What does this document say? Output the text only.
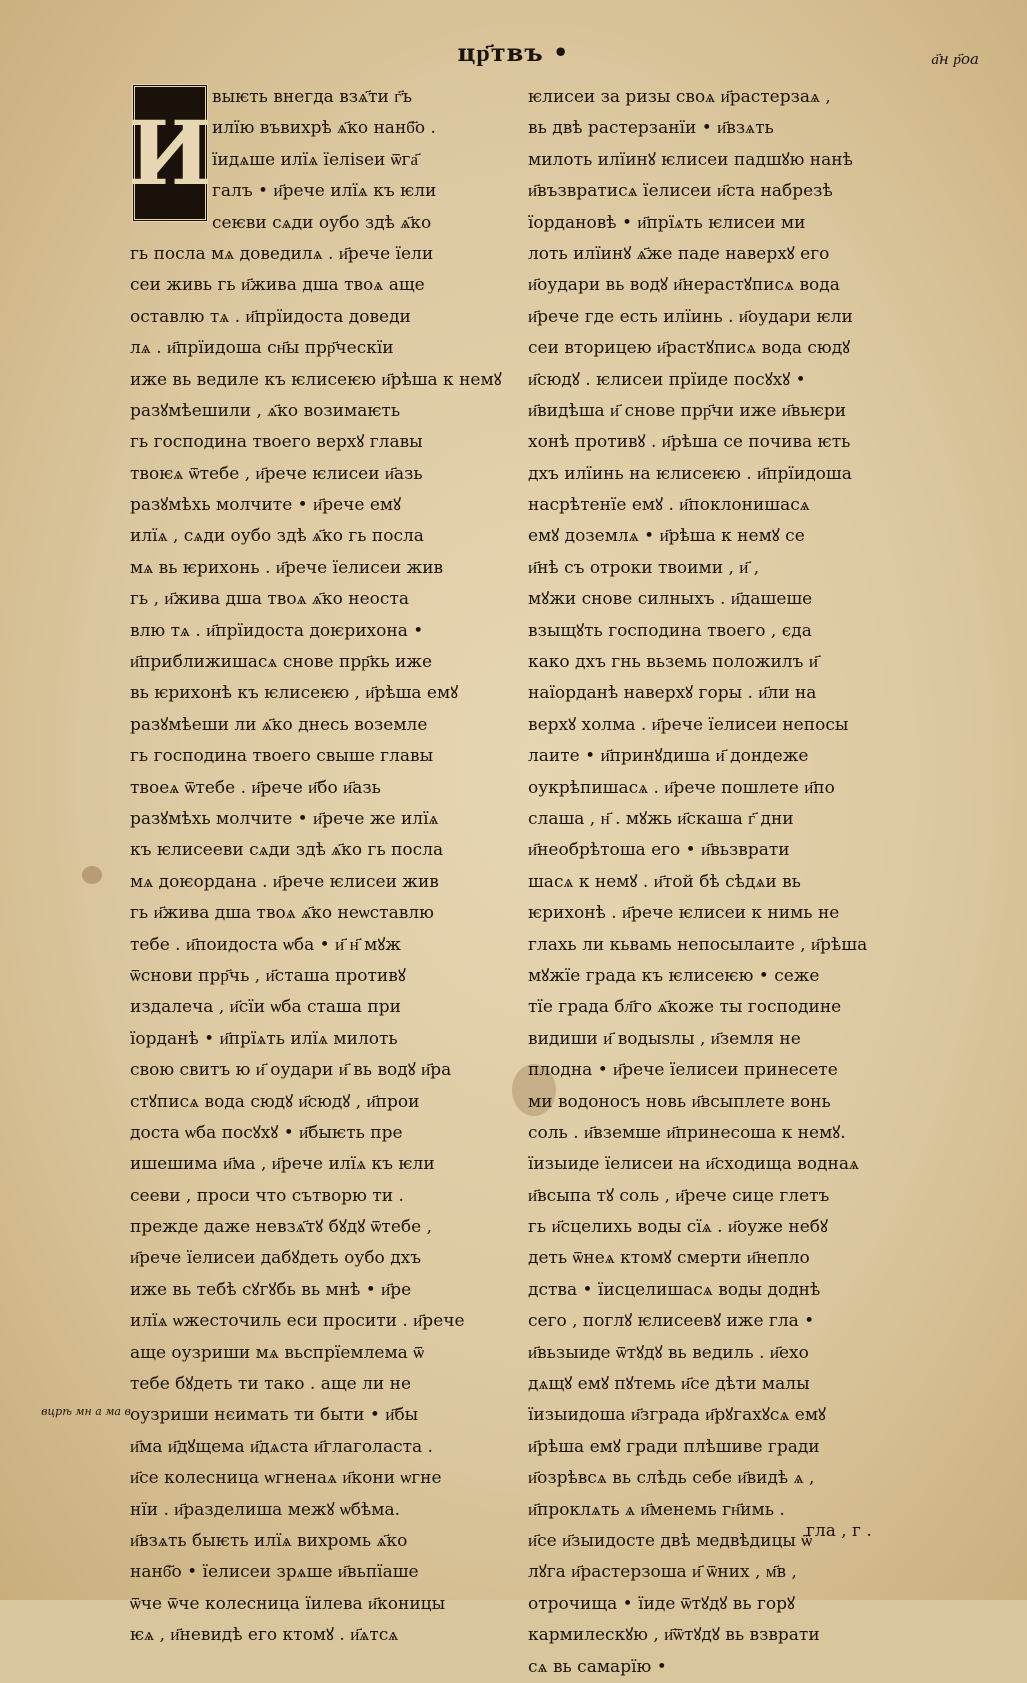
цр҃твъ •	а҃н р҃оа
И
выѥть внегда взѧ҃ти г҃ъ
илїю въвихрѣ ѧ҃ко нанб҃о .
їидѧше илїѧ їеліѕеи ѿга҃
галъ • и҃рече илїѧ къ ѥли
сеѥви сѧди оубо здѣ ѧ҃ко
гь посла мѧ доведилѧ . и҃рече їели
сеи живь гь и҃жива дша твоѧ аще
оставлю тѧ . и҃прїидоста доведи
лѧ . и҃прїидоша сн҃ы прр҃ческїи
иже вь ведиле къ ѥлисеѥю и҃рѣша к немꙋ
разꙋмѣешили , ѧ҃ко возимаѥть
гь господина твоего верхꙋ главы
твоѥѧ ѿтебе , и҃рече ѥлисеи и҃азь
разꙋмѣхь молчите • и҃рече емꙋ
илїѧ , сѧди оубо здѣ ѧ҃ко гь посла
мѧ вь ѥрихонь . и҃рече їелисеи жив
гь , и҃жива дша твоѧ ѧ҃ко неоста
влю тѧ . и҃прїидоста доѥрихона •
и҃приближишасѧ снове прр҃кь иже
вь ѥрихонѣ къ ѥлисеѥю , и҃рѣша емꙋ
разꙋмѣеши ли ѧ҃ко днесь воземле
гь господина твоего свыше главы
твоеѧ ѿтебе . и҃рече и҃бо и҃азь
разꙋмѣхь молчите • и҃рече же илїѧ
къ ѥлисееви сѧди здѣ ѧ҃ко гь посла
мѧ доѥордана . и҃рече ѥлисеи жив
гь и҃жива дша твоѧ ѧ҃ко неѡставлю
тебе . и҃поидоста ѡба • и҃ н҃ мꙋж
ѿснови прр҃чь , и҃сташа противꙋ
издалеча , и҃сїи ѡба сташа при
їорданѣ • и҃прїѧть илїѧ милоть
свою свитъ ю и҃ оудари и҃ вь водꙋ и҃ра
стꙋписѧ вода сюдꙋ и҃сюдꙋ , и҃прои
доста ѡба посꙋхꙋ • и҃быѥть пре
ишешима и҃ма , и҃рече илїѧ къ ѥли
сееви , проси что сътворю ти .
прежде даже невзѧ҃тꙋ бꙋдꙋ ѿтебе ,
и҃рече їелисеи дабꙋдеть оубо дхъ
иже вь тебѣ сꙋгꙋбь вь мнѣ • и҃ре
илїѧ ѡжесточиль еси просити . и҃рече
аще оузриши мѧ вьспрїемлема ѿ
тебе бꙋдеть ти тако . аще ли не
оузриши нєимать ти быти • и҃бы
и҃ма и҃дꙋщема и҃дѧста и҃глаголаста .
и҃се колесница ѡгненаѧ и҃кони ѡгне
нїи . и҃разделиша межꙋ ѡбѣма.
и҃взѧть быѥть илїѧ вихромь ѧ҃ко
нанб҃о • їелисеи зрѧше и҃вьпїаше
ѿче ѿче колесница їилева и҃коницы
ѥѧ , и҃невидѣ его ктомꙋ . и҃ѧтсѧ
ѥлисеи за ризы своѧ и҃растерзаѧ ,
вь двѣ растерзанїи • и҃взѧть
милоть илїинꙋ ѥлисеи падшꙋю нанѣ
и҃възвратисѧ їелисеи и҃ста набрезѣ
їордановѣ • и҃прїѧть ѥлисеи ми
лоть илїинꙋ ѧ҃же паде наверхꙋ его
и҃оудари вь водꙋ и҃нерастꙋписѧ вода
и҃рече где есть илїинь . и҃оудари ѥли
сеи вторицею и҃растꙋписѧ вода сюдꙋ
и҃сюдꙋ . ѥлисеи прїиде посꙋхꙋ •
и҃видѣша и҃ снове прр҃чи иже и҃вьѥри
хонѣ противꙋ . и҃рѣша се почива ѥть
дхъ илїинь на ѥлисеѥю . и҃прїидоша
насрѣтенїе емꙋ . и҃поклонишасѧ
емꙋ доземлѧ • и҃рѣша к немꙋ се
и҃нѣ съ отроки твоими , и҃ ,
мꙋжи снове силныхъ . и҃дашеше
взыщꙋть господина твоего , єда
како дхъ гнь вьземь положилъ и҃
наїорданѣ наверхꙋ горы . и҃ли на
верхꙋ холма . и҃рече їелисеи непосы
лаите • и҃принꙋдиша и҃ дондеже
оукрѣпишасѧ . и҃рече пошлете и҃по
слаша , н҃ . мꙋжь и҃скаша г҃ дни
и҃необрѣтоша его • и҃вьзврати
шасѧ к немꙋ . и҃той бѣ сѣдѧи вь
ѥрихонѣ . и҃рече ѥлисеи к нимь не
глахь ли кьвамь непосылаите , и҃рѣша
мꙋжїе града къ ѥлисеѥю • сеже
тїе града бл҃го ѧ҃коже ты господине
видиши и҃ водыѕлы , и҃земля не
плодна • и҃рече їелисеи принесете
ми водоносъ новь и҃всыплете вонь
соль . и҃вземше и҃принесоша к немꙋ.
їизыиде їелисеи на и҃сходища воднаѧ
и҃всыпа тꙋ соль , и҃рече сице глетъ
гь и҃сцелихь воды сїѧ . и҃оуже небꙋ
деть ѿнеѧ ктомꙋ смерти и҃непло
дства • їисцелишасѧ воды доднѣ
сего , поглꙋ ѥлисеевꙋ иже гла •
и҃вьзыиде ѿтꙋдꙋ вь ведиль . и҃ехо
дѧщꙋ емꙋ пꙋтемь и҃се дѣти малы
їизыидоша и҃зграда и҃рꙋгахꙋсѧ емꙋ
и҃рѣша емꙋ гради плѣшиве гради
и҃озрѣвсѧ вь слѣдь себе и҃видѣ ѧ ,
и҃проклѧть ѧ и҃менемь гн҃имь .
и҃се и҃зыидосте двѣ медвѣдицы ѿ
лꙋга и҃растерзоша и҃ ѿних , м҃в ,
отрочища • їиде ѿтꙋдꙋ вь горꙋ
кармилескꙋю , и҃ѿтꙋдꙋ вь взврати
сѧ вь самарїю •
вцрѣ мн а ма в
гла , г .
